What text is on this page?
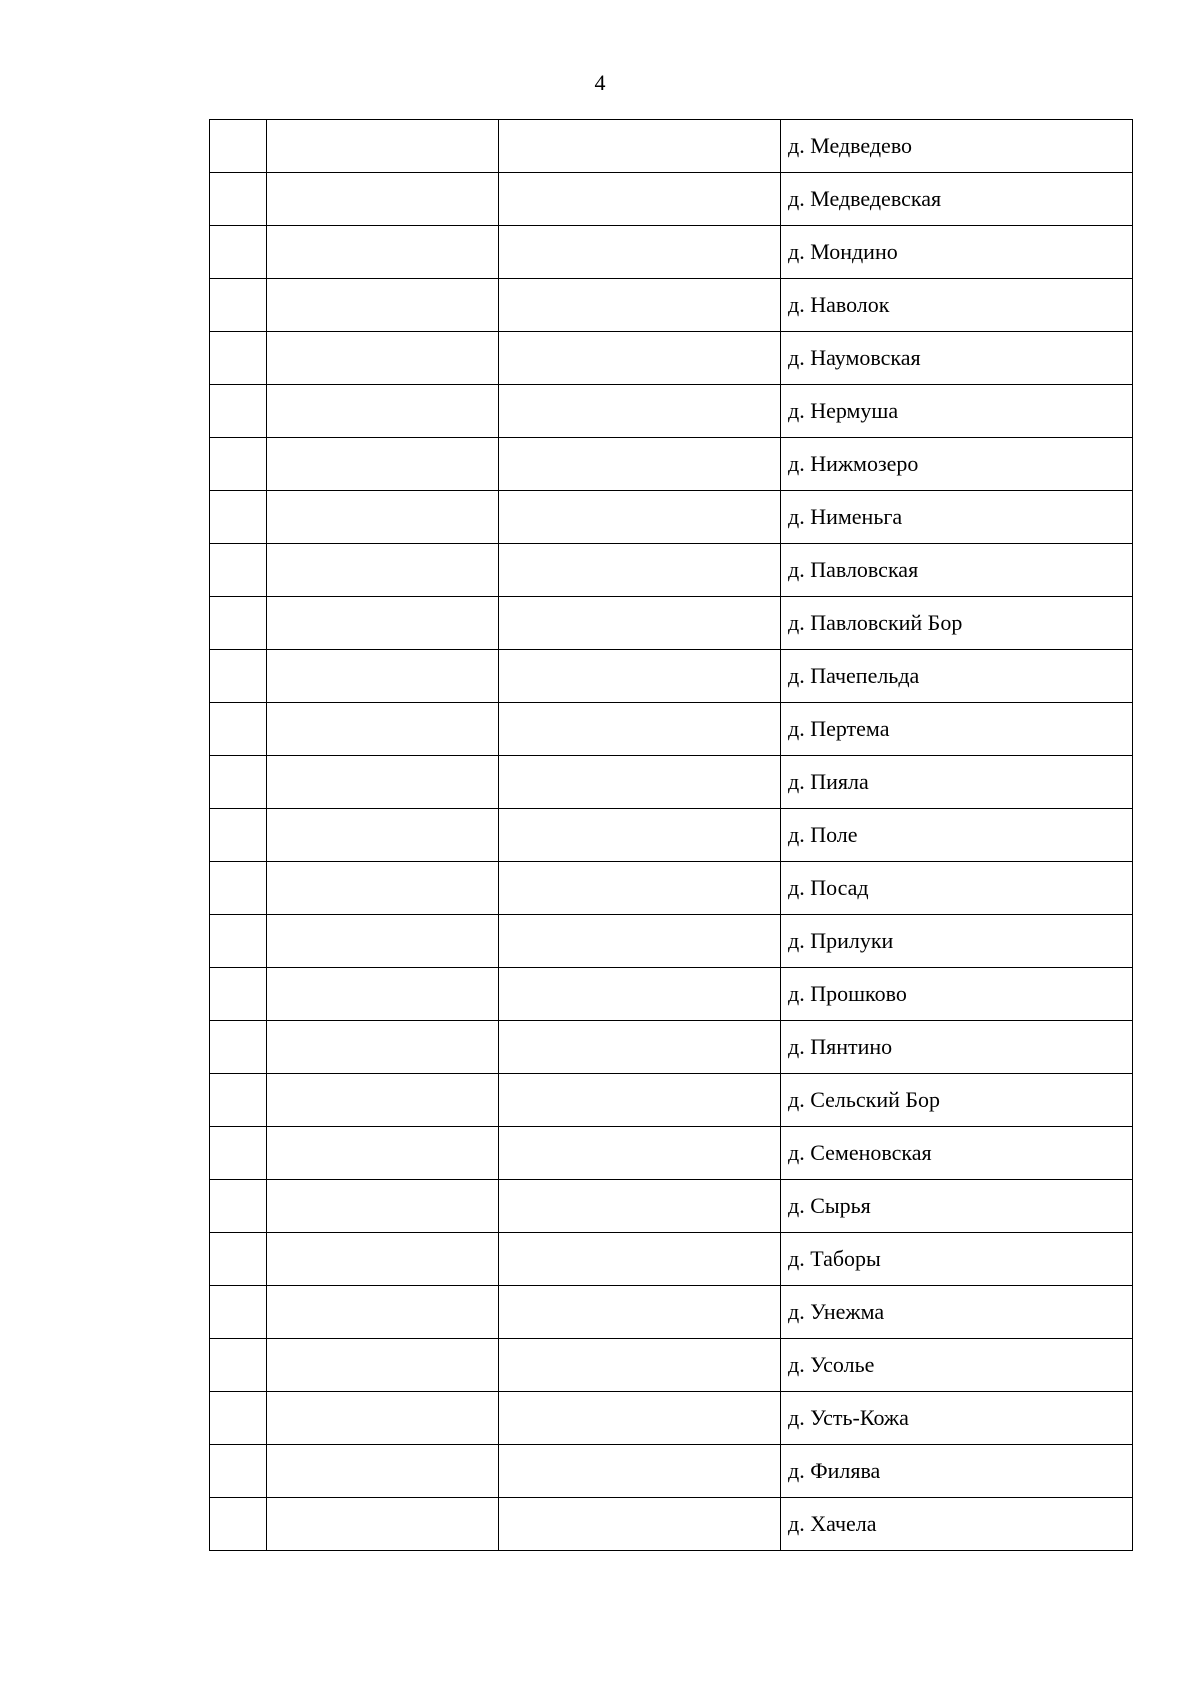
4
			д. Медведево
			д. Медведевская
			д. Мондино
			д. Наволок
			д. Наумовская
			д. Нермуша
			д. Нижмозеро
			д. Нименьга
			д. Павловская
			д. Павловский Бор
			д. Пачепельда
			д. Пертема
			д. Пияла
			д. Поле
			д. Посад
			д. Прилуки
			д. Прошково
			д. Пянтино
			д. Сельский Бор
			д. Семеновская
			д. Сырья
			д. Таборы
			д. Унежма
			д. Усолье
			д. Усть-Кожа
			д. Филява
			д. Хачела
